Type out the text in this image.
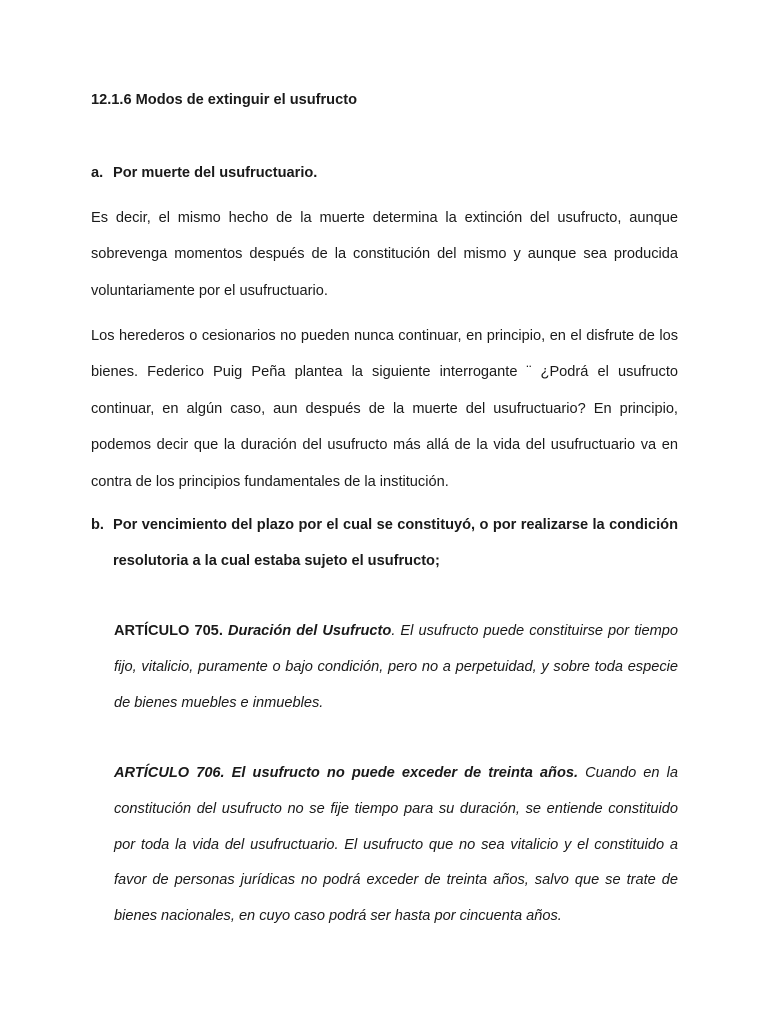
12.1.6 Modos de extinguir el usufructo

a. Por muerte del usufructuario.

Es decir, el mismo hecho de la muerte determina la extinción del usufructo, aunque sobrevenga momentos después de la constitución del mismo y aunque sea producida voluntariamente por el usufructuario.

Los herederos o cesionarios no pueden nunca continuar, en principio, en el disfrute de los bienes. Federico Puig Peña plantea la siguiente interrogante ¨ ¿Podrá el usufructo continuar, en algún caso, aun después de la muerte del usufructuario? En principio, podemos decir que la duración del usufructo más allá de la vida del usufructuario va en contra de los principios fundamentales de la institución.

b. Por vencimiento del plazo por el cual se constituyó, o por realizarse la condición resolutoria a la cual estaba sujeto el usufructo;

ARTÍCULO 705. Duración del Usufructo. El usufructo puede constituirse por tiempo fijo, vitalicio, puramente o bajo condición, pero no a perpetuidad, y sobre toda especie de bienes muebles e inmuebles.

ARTÍCULO 706. El usufructo no puede exceder de treinta años. Cuando en la constitución del usufructo no se fije tiempo para su duración, se entiende constituido por toda la vida del usufructuario. El usufructo que no sea vitalicio y el constituido a favor de personas jurídicas no podrá exceder de treinta años, salvo que se trate de bienes nacionales, en cuyo caso podrá ser hasta por cincuenta años.
